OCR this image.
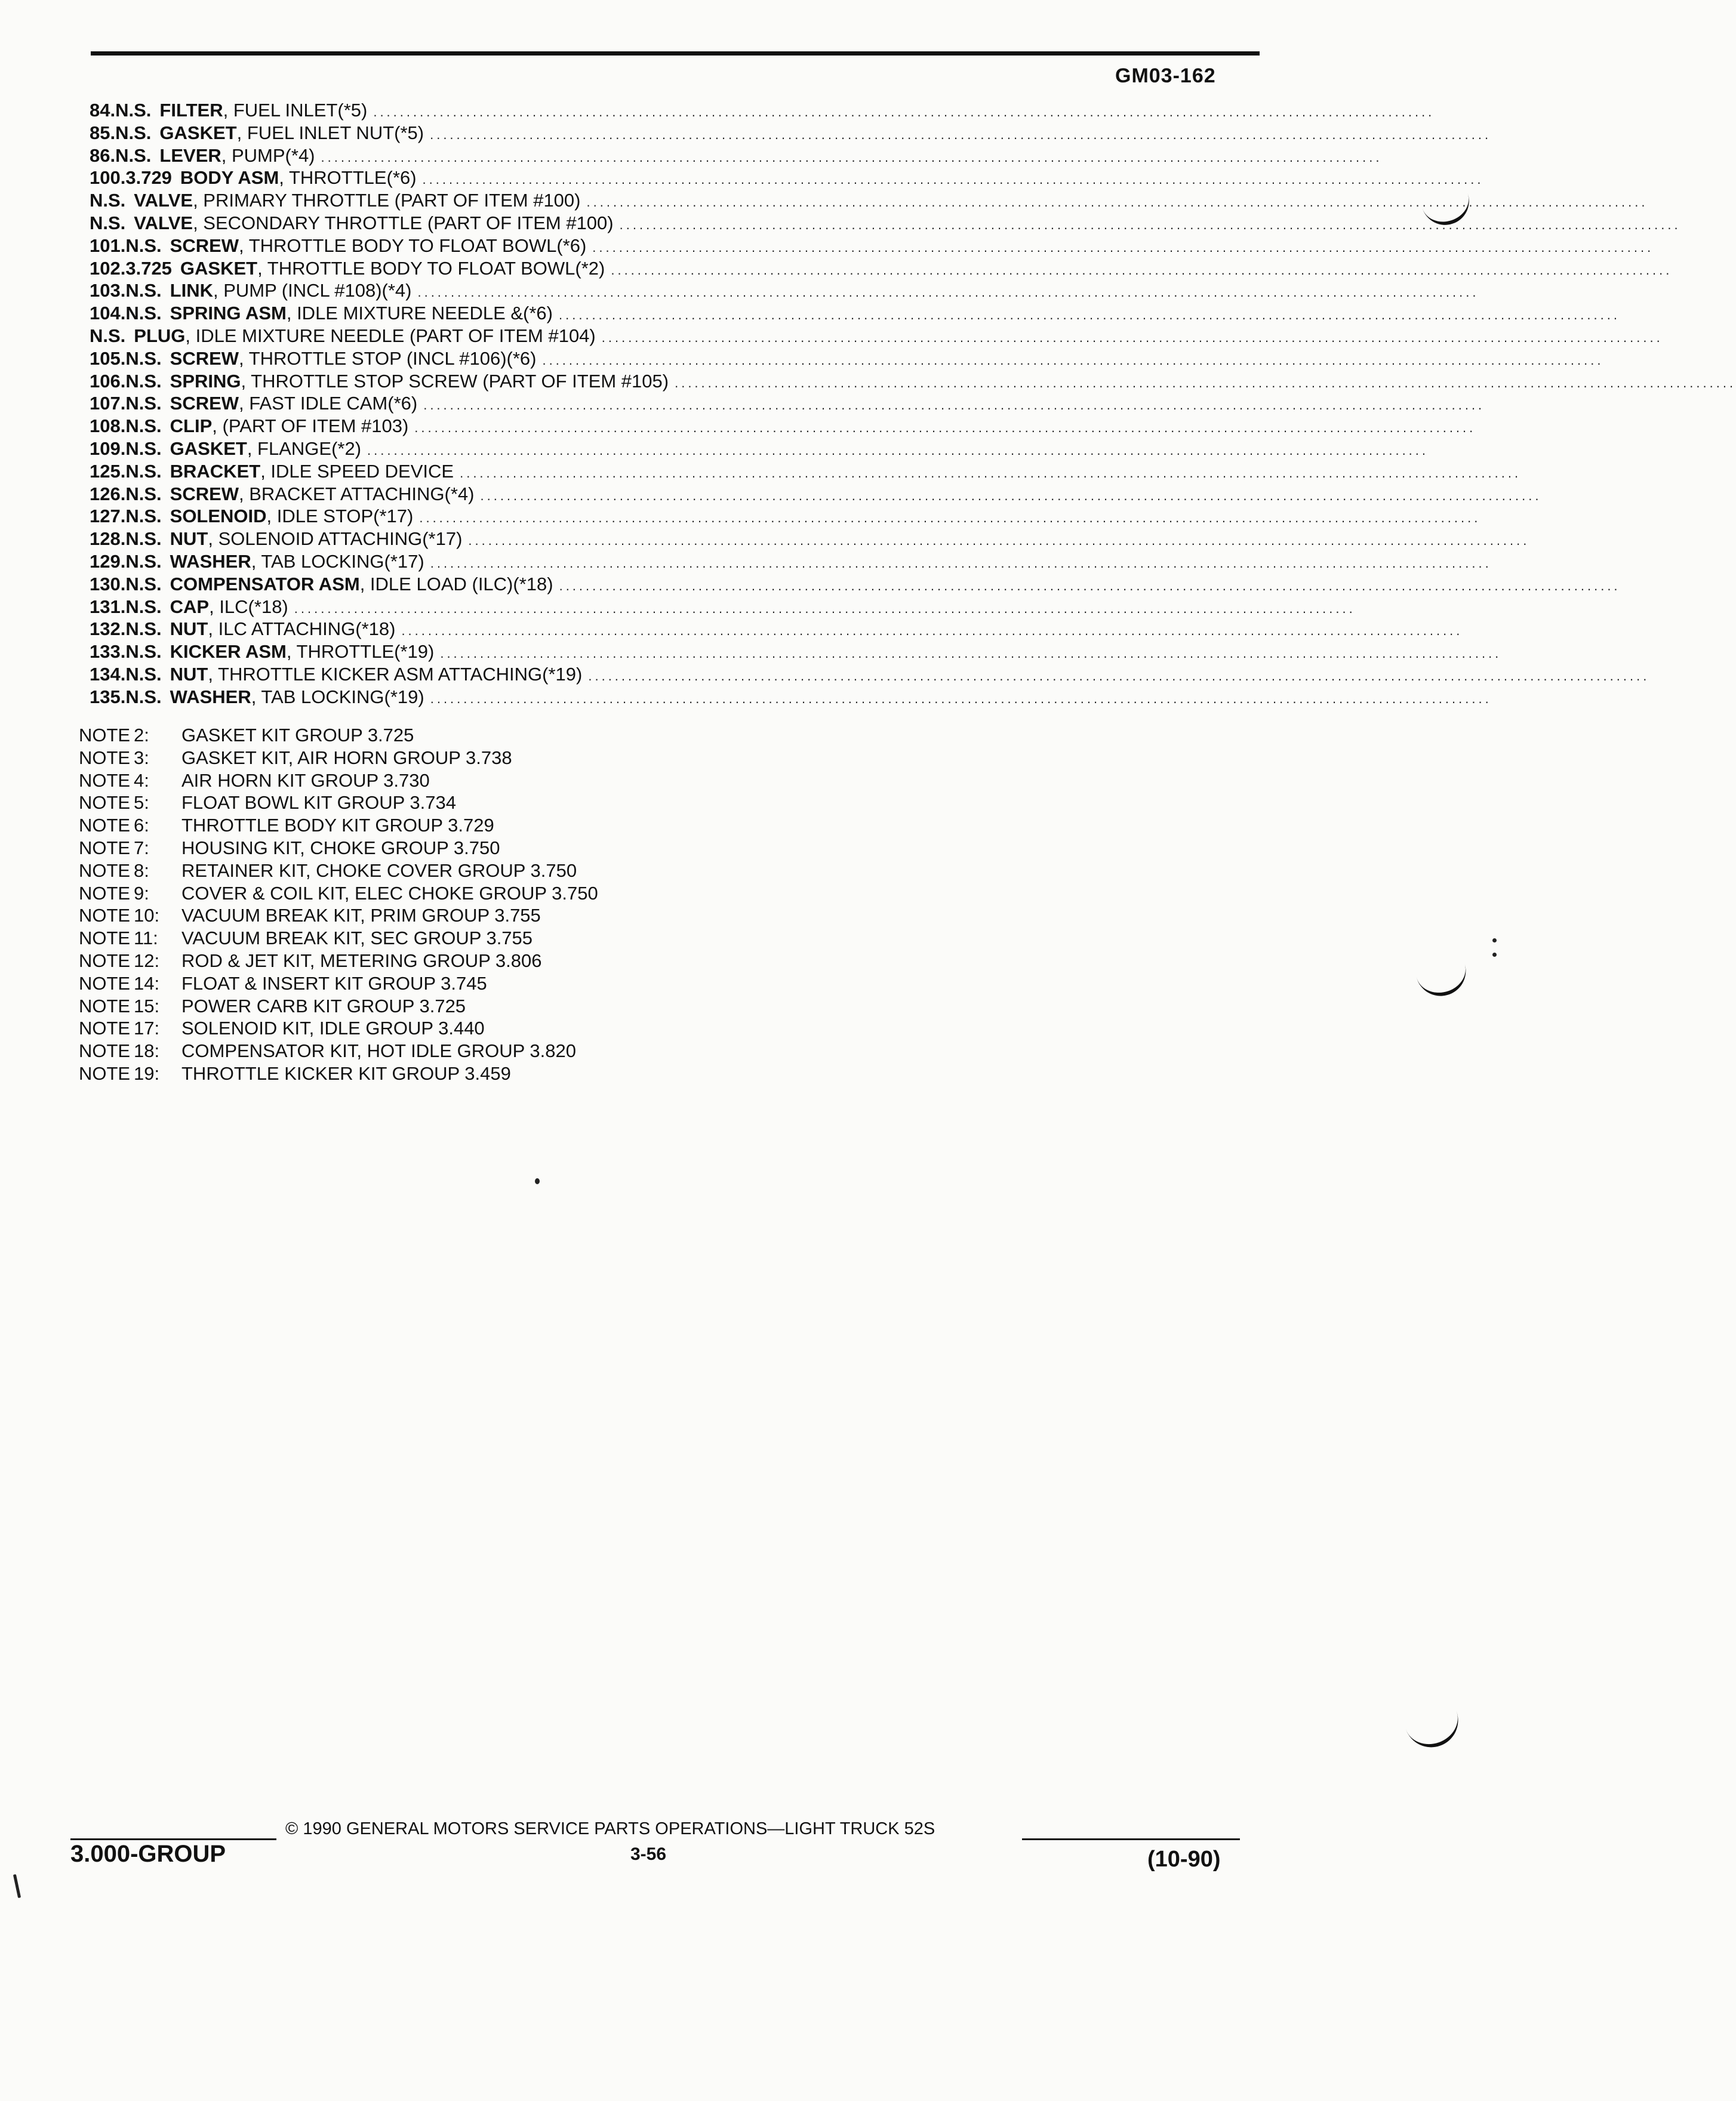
GM03-162
84. N.S. FILTER, FUEL INLET(*5) ................................................................................................................................................................
85. N.S. GASKET, FUEL INLET NUT(*5) ................................................................................................................................................................
86. N.S. LEVER, PUMP(*4) ................................................................................................................................................................
100. 3.729 BODY ASM, THROTTLE(*6) ................................................................................................................................................................
N.S. VALVE, PRIMARY THROTTLE (PART OF ITEM #100) ................................................................................................................................................................
N.S. VALVE, SECONDARY THROTTLE (PART OF ITEM #100) ................................................................................................................................................................
101. N.S. SCREW, THROTTLE BODY TO FLOAT BOWL(*6) ................................................................................................................................................................
102. 3.725 GASKET, THROTTLE BODY TO FLOAT BOWL(*2) ................................................................................................................................................................
103. N.S. LINK, PUMP (INCL #108)(*4) ................................................................................................................................................................
104. N.S. SPRING ASM, IDLE MIXTURE NEEDLE &(*6) ................................................................................................................................................................
N.S. PLUG, IDLE MIXTURE NEEDLE (PART OF ITEM #104) ................................................................................................................................................................
105. N.S. SCREW, THROTTLE STOP (INCL #106)(*6) ................................................................................................................................................................
106. N.S. SPRING, THROTTLE STOP SCREW (PART OF ITEM #105) ................................................................................................................................................................
107. N.S. SCREW, FAST IDLE CAM(*6) ................................................................................................................................................................
108. N.S. CLIP, (PART OF ITEM #103) ................................................................................................................................................................
109. N.S. GASKET, FLANGE(*2) ................................................................................................................................................................
125. N.S. BRACKET, IDLE SPEED DEVICE ................................................................................................................................................................
126. N.S. SCREW, BRACKET ATTACHING(*4) ................................................................................................................................................................
127. N.S. SOLENOID, IDLE STOP(*17) ................................................................................................................................................................
128. N.S. NUT, SOLENOID ATTACHING(*17) ................................................................................................................................................................
129. N.S. WASHER, TAB LOCKING(*17) ................................................................................................................................................................
130. N.S. COMPENSATOR ASM, IDLE LOAD (ILC)(*18) ................................................................................................................................................................
131. N.S. CAP, ILC(*18) ................................................................................................................................................................
132. N.S. NUT, ILC ATTACHING(*18) ................................................................................................................................................................
133. N.S. KICKER ASM, THROTTLE(*19) ................................................................................................................................................................
134. N.S. NUT, THROTTLE KICKER ASM ATTACHING(*19) ................................................................................................................................................................
135. N.S. WASHER, TAB LOCKING(*19) ................................................................................................................................................................
NOTE 2: GASKET KIT GROUP 3.725
NOTE 3: GASKET KIT, AIR HORN GROUP 3.738
NOTE 4: AIR HORN KIT GROUP 3.730
NOTE 5: FLOAT BOWL KIT GROUP 3.734
NOTE 6: THROTTLE BODY KIT GROUP 3.729
NOTE 7: HOUSING KIT, CHOKE GROUP 3.750
NOTE 8: RETAINER KIT, CHOKE COVER GROUP 3.750
NOTE 9: COVER & COIL KIT, ELEC CHOKE GROUP 3.750
NOTE 10: VACUUM BREAK KIT, PRIM GROUP 3.755
NOTE 11: VACUUM BREAK KIT, SEC GROUP 3.755
NOTE 12: ROD & JET KIT, METERING GROUP 3.806
NOTE 14: FLOAT & INSERT KIT GROUP 3.745
NOTE 15: POWER CARB KIT GROUP 3.725
NOTE 17: SOLENOID KIT, IDLE GROUP 3.440
NOTE 18: COMPENSATOR KIT, HOT IDLE GROUP 3.820
NOTE 19: THROTTLE KICKER KIT GROUP 3.459
3.000-GROUP
© 1990 GENERAL MOTORS SERVICE PARTS OPERATIONS—LIGHT TRUCK 52S
3-56	(10-90)
